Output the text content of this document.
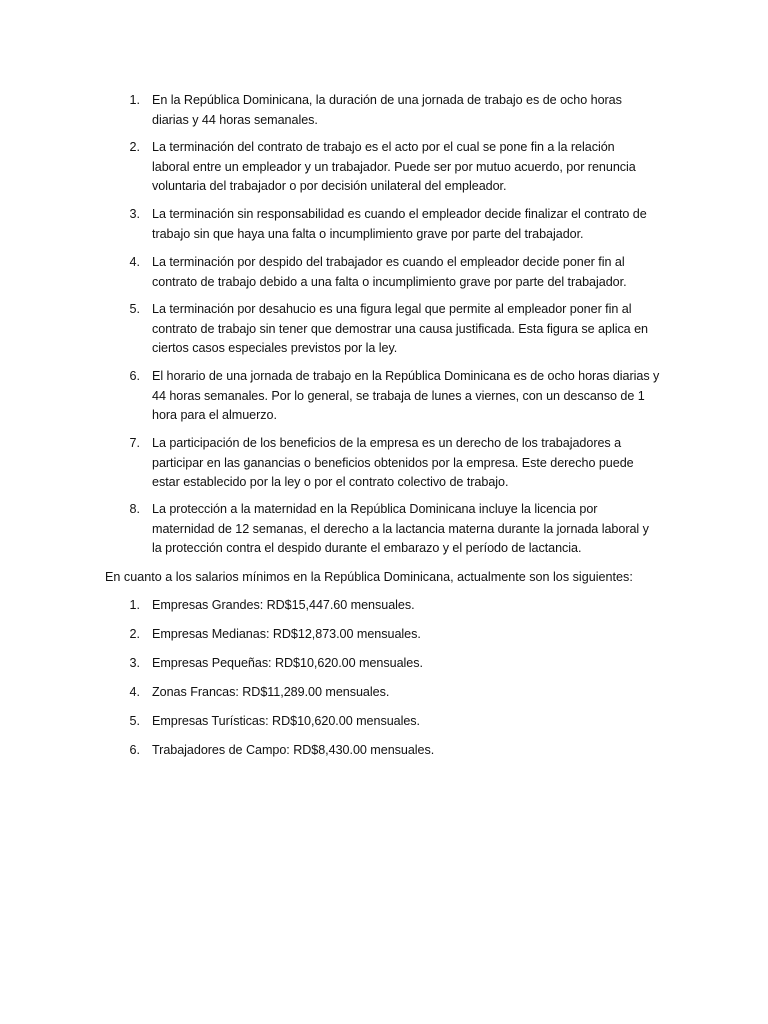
1. En la República Dominicana, la duración de una jornada de trabajo es de ocho horas
diarias y 44 horas semanales.
2. La terminación del contrato de trabajo es el acto por el cual se pone fin a la relación
laboral entre un empleador y un trabajador. Puede ser por mutuo acuerdo, por renuncia
voluntaria del trabajador o por decisión unilateral del empleador.
3. La terminación sin responsabilidad es cuando el empleador decide finalizar el contrato de
trabajo sin que haya una falta o incumplimiento grave por parte del trabajador.
4. La terminación por despido del trabajador es cuando el empleador decide poner fin al
contrato de trabajo debido a una falta o incumplimiento grave por parte del trabajador.
5. La terminación por desahucio es una figura legal que permite al empleador poner fin al
contrato de trabajo sin tener que demostrar una causa justificada. Esta figura se aplica en
ciertos casos especiales previstos por la ley.
6. El horario de una jornada de trabajo en la República Dominicana es de ocho horas diarias y
44 horas semanales. Por lo general, se trabaja de lunes a viernes, con un descanso de 1
hora para el almuerzo.
7. La participación de los beneficios de la empresa es un derecho de los trabajadores a
participar en las ganancias o beneficios obtenidos por la empresa. Este derecho puede
estar establecido por la ley o por el contrato colectivo de trabajo.
8. La protección a la maternidad en la República Dominicana incluye la licencia por
maternidad de 12 semanas, el derecho a la lactancia materna durante la jornada laboral y
la protección contra el despido durante el embarazo y el período de lactancia.
En cuanto a los salarios mínimos en la República Dominicana, actualmente son los siguientes:
1. Empresas Grandes: RD$15,447.60 mensuales.
2. Empresas Medianas: RD$12,873.00 mensuales.
3. Empresas Pequeñas: RD$10,620.00 mensuales.
4. Zonas Francas: RD$11,289.00 mensuales.
5. Empresas Turísticas: RD$10,620.00 mensuales.
6. Trabajadores de Campo: RD$8,430.00 mensuales.
